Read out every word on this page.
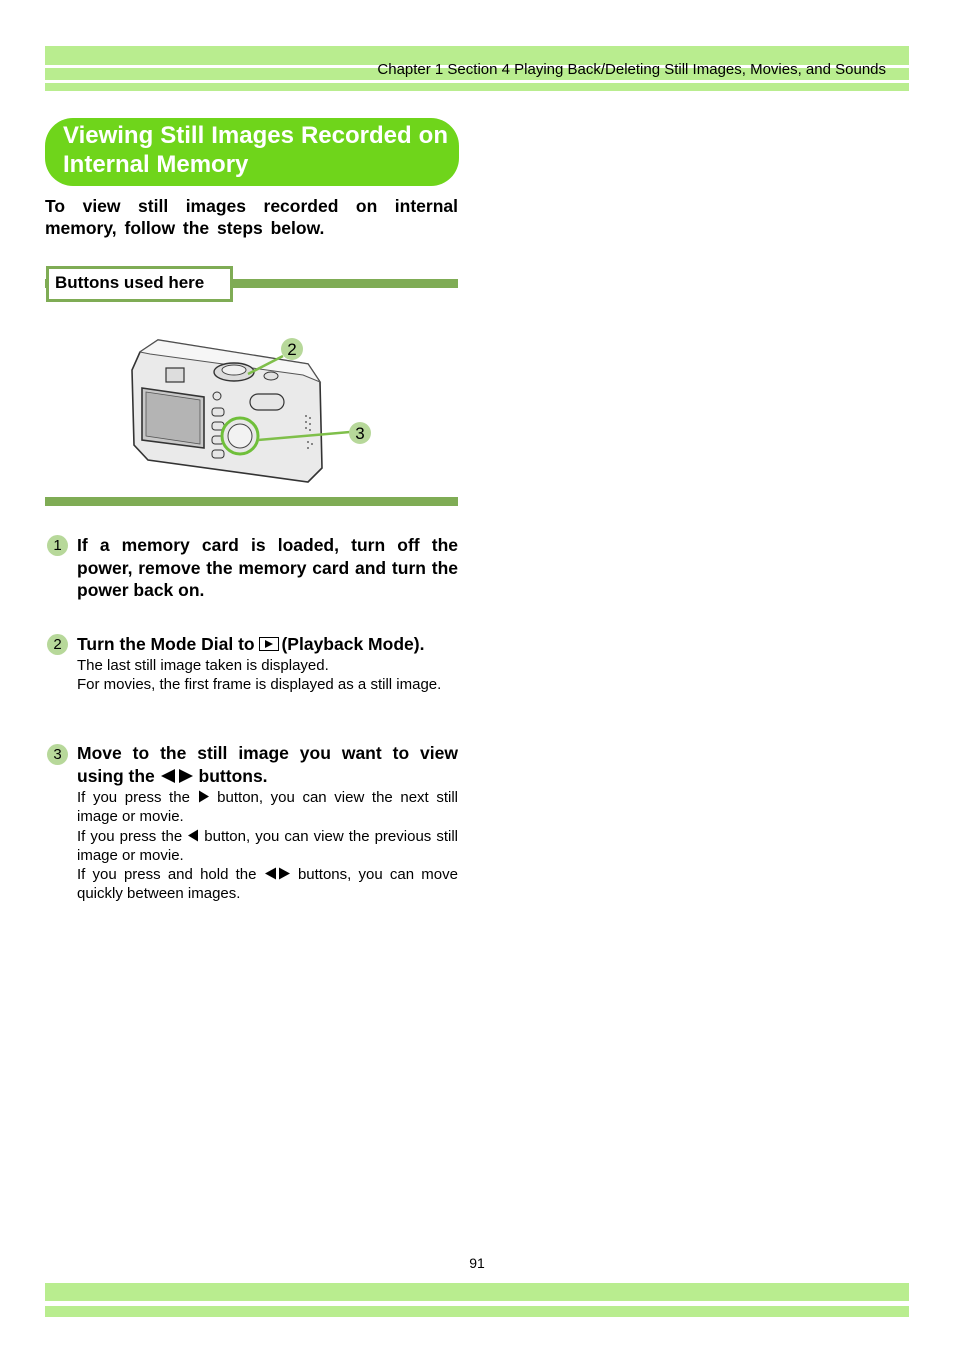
Chapter 1 Section 4 Playing Back/Deleting Still Images, Movies, and Sounds
Viewing Still Images Recorded on Internal Memory
To view still images recorded on internal memory, follow the steps below.
Buttons used here
2
3
1 If a memory card is loaded, turn off the power, remove the memory card and turn the power back on.
2 Turn the Mode Dial to (Playback Mode).

The last still image taken is displayed.

For movies, the first frame is displayed as a still image.

3 Move to the still image you want to view using the	buttons.

If you press the button, you can view the next still image or movie.

If you press the button, you can view the previous still image or movie.

If you press and hold the	buttons, you can move quickly between images.

91
